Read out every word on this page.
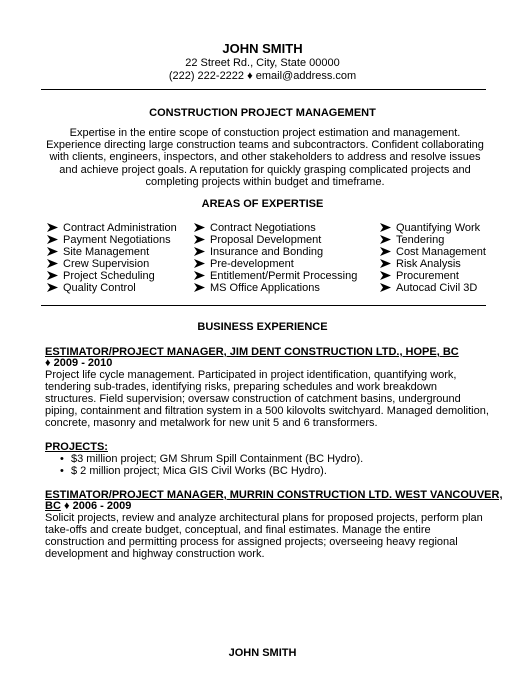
JOHN SMITH
22 Street Rd., City, State 00000
(222) 222-2222 ♦ email@address.com
CONSTRUCTION PROJECT MANAGEMENT
Expertise in the entire scope of constuction project estimation and management. Experience directing large construction teams and subcontractors. Confident collaborating with clients, engineers, inspectors, and other stakeholders to address and resolve issues and achieve project goals. A reputation for quickly grasping complicated projects and completing projects within budget and timeframe.
AREAS OF EXPERTISE
Contract Administration
Payment Negotiations
Site Management
Crew Supervision
Project Scheduling
Quality Control
Contract Negotiations
Proposal Development
Insurance and Bonding
Pre-development
Entitlement/Permit Processing
MS Office Applications
Quantifying Work
Tendering
Cost Management
Risk Analysis
Procurement
Autocad Civil 3D
BUSINESS EXPERIENCE
ESTIMATOR/PROJECT MANAGER, JIM DENT CONSTRUCTION LTD., HOPE, BC
♦ 2009 - 2010
Project life cycle management. Participated in project identification, quantifying work, tendering sub-trades, identifying risks, preparing schedules and work breakdown structures. Field supervision; oversaw construction of catchment basins, underground piping, containment and filtration system in a 500 kilovolts switchyard. Managed demolition, concrete, masonry and metalwork for new unit 5 and 6 transformers.
PROJECTS:
• $3 million project; GM Shrum Spill Containment (BC Hydro).
• $ 2 million project; Mica GIS Civil Works (BC Hydro).
ESTIMATOR/PROJECT MANAGER, MURRIN CONSTRUCTION LTD. WEST VANCOUVER,
BC ♦ 2006 - 2009
Solicit projects, review and analyze architectural plans for proposed projects, perform plan take-offs and create budget, conceptual, and final estimates. Manage the entire construction and permitting process for assigned projects; overseeing heavy regional development and highway construction work.
JOHN SMITH
